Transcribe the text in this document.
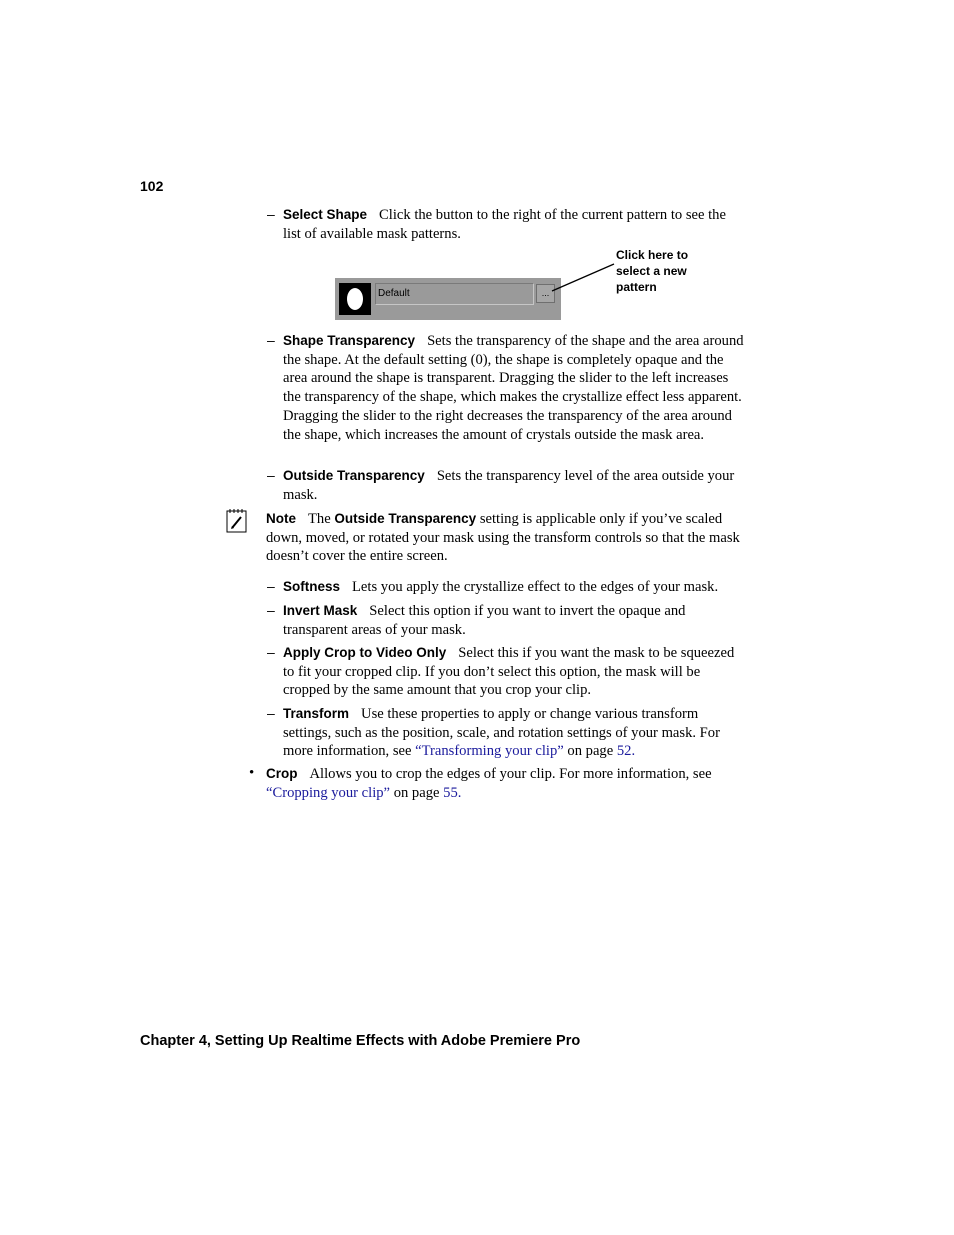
102
– Select Shape Click the button to the right of the current pattern to see the list of available mask patterns.
Default	...
Click here to
select a new
pattern
– Shape Transparency Sets the transparency of the shape and the area around the shape. At the default setting (0), the shape is completely opaque and the area around the shape is transparent. Dragging the slider to the left increases the transparency of the shape, which makes the crystallize effect less apparent. Dragging the slider to the right decreases the transparency of the area around the shape, which increases the amount of crystals outside the mask area.
– Outside Transparency Sets the transparency level of the area outside your mask.
Note The Outside Transparency setting is applicable only if you’ve scaled down, moved, or rotated your mask using the transform controls so that the mask doesn’t cover the entire screen.
– Softness Lets you apply the crystallize effect to the edges of your mask.
– Invert Mask Select this option if you want to invert the opaque and transparent areas of your mask.
– Apply Crop to Video Only Select this if you want the mask to be squeezed to fit your cropped clip. If you don’t select this option, the mask will be cropped by the same amount that you crop your clip.
– Transform Use these properties to apply or change various transform settings, such as the position, scale, and rotation settings of your mask. For more information, see “Transforming your clip” on page 52.
• Crop Allows you to crop the edges of your clip. For more information, see “Cropping your clip” on page 55.
Chapter 4, Setting Up Realtime Effects with Adobe Premiere Pro
